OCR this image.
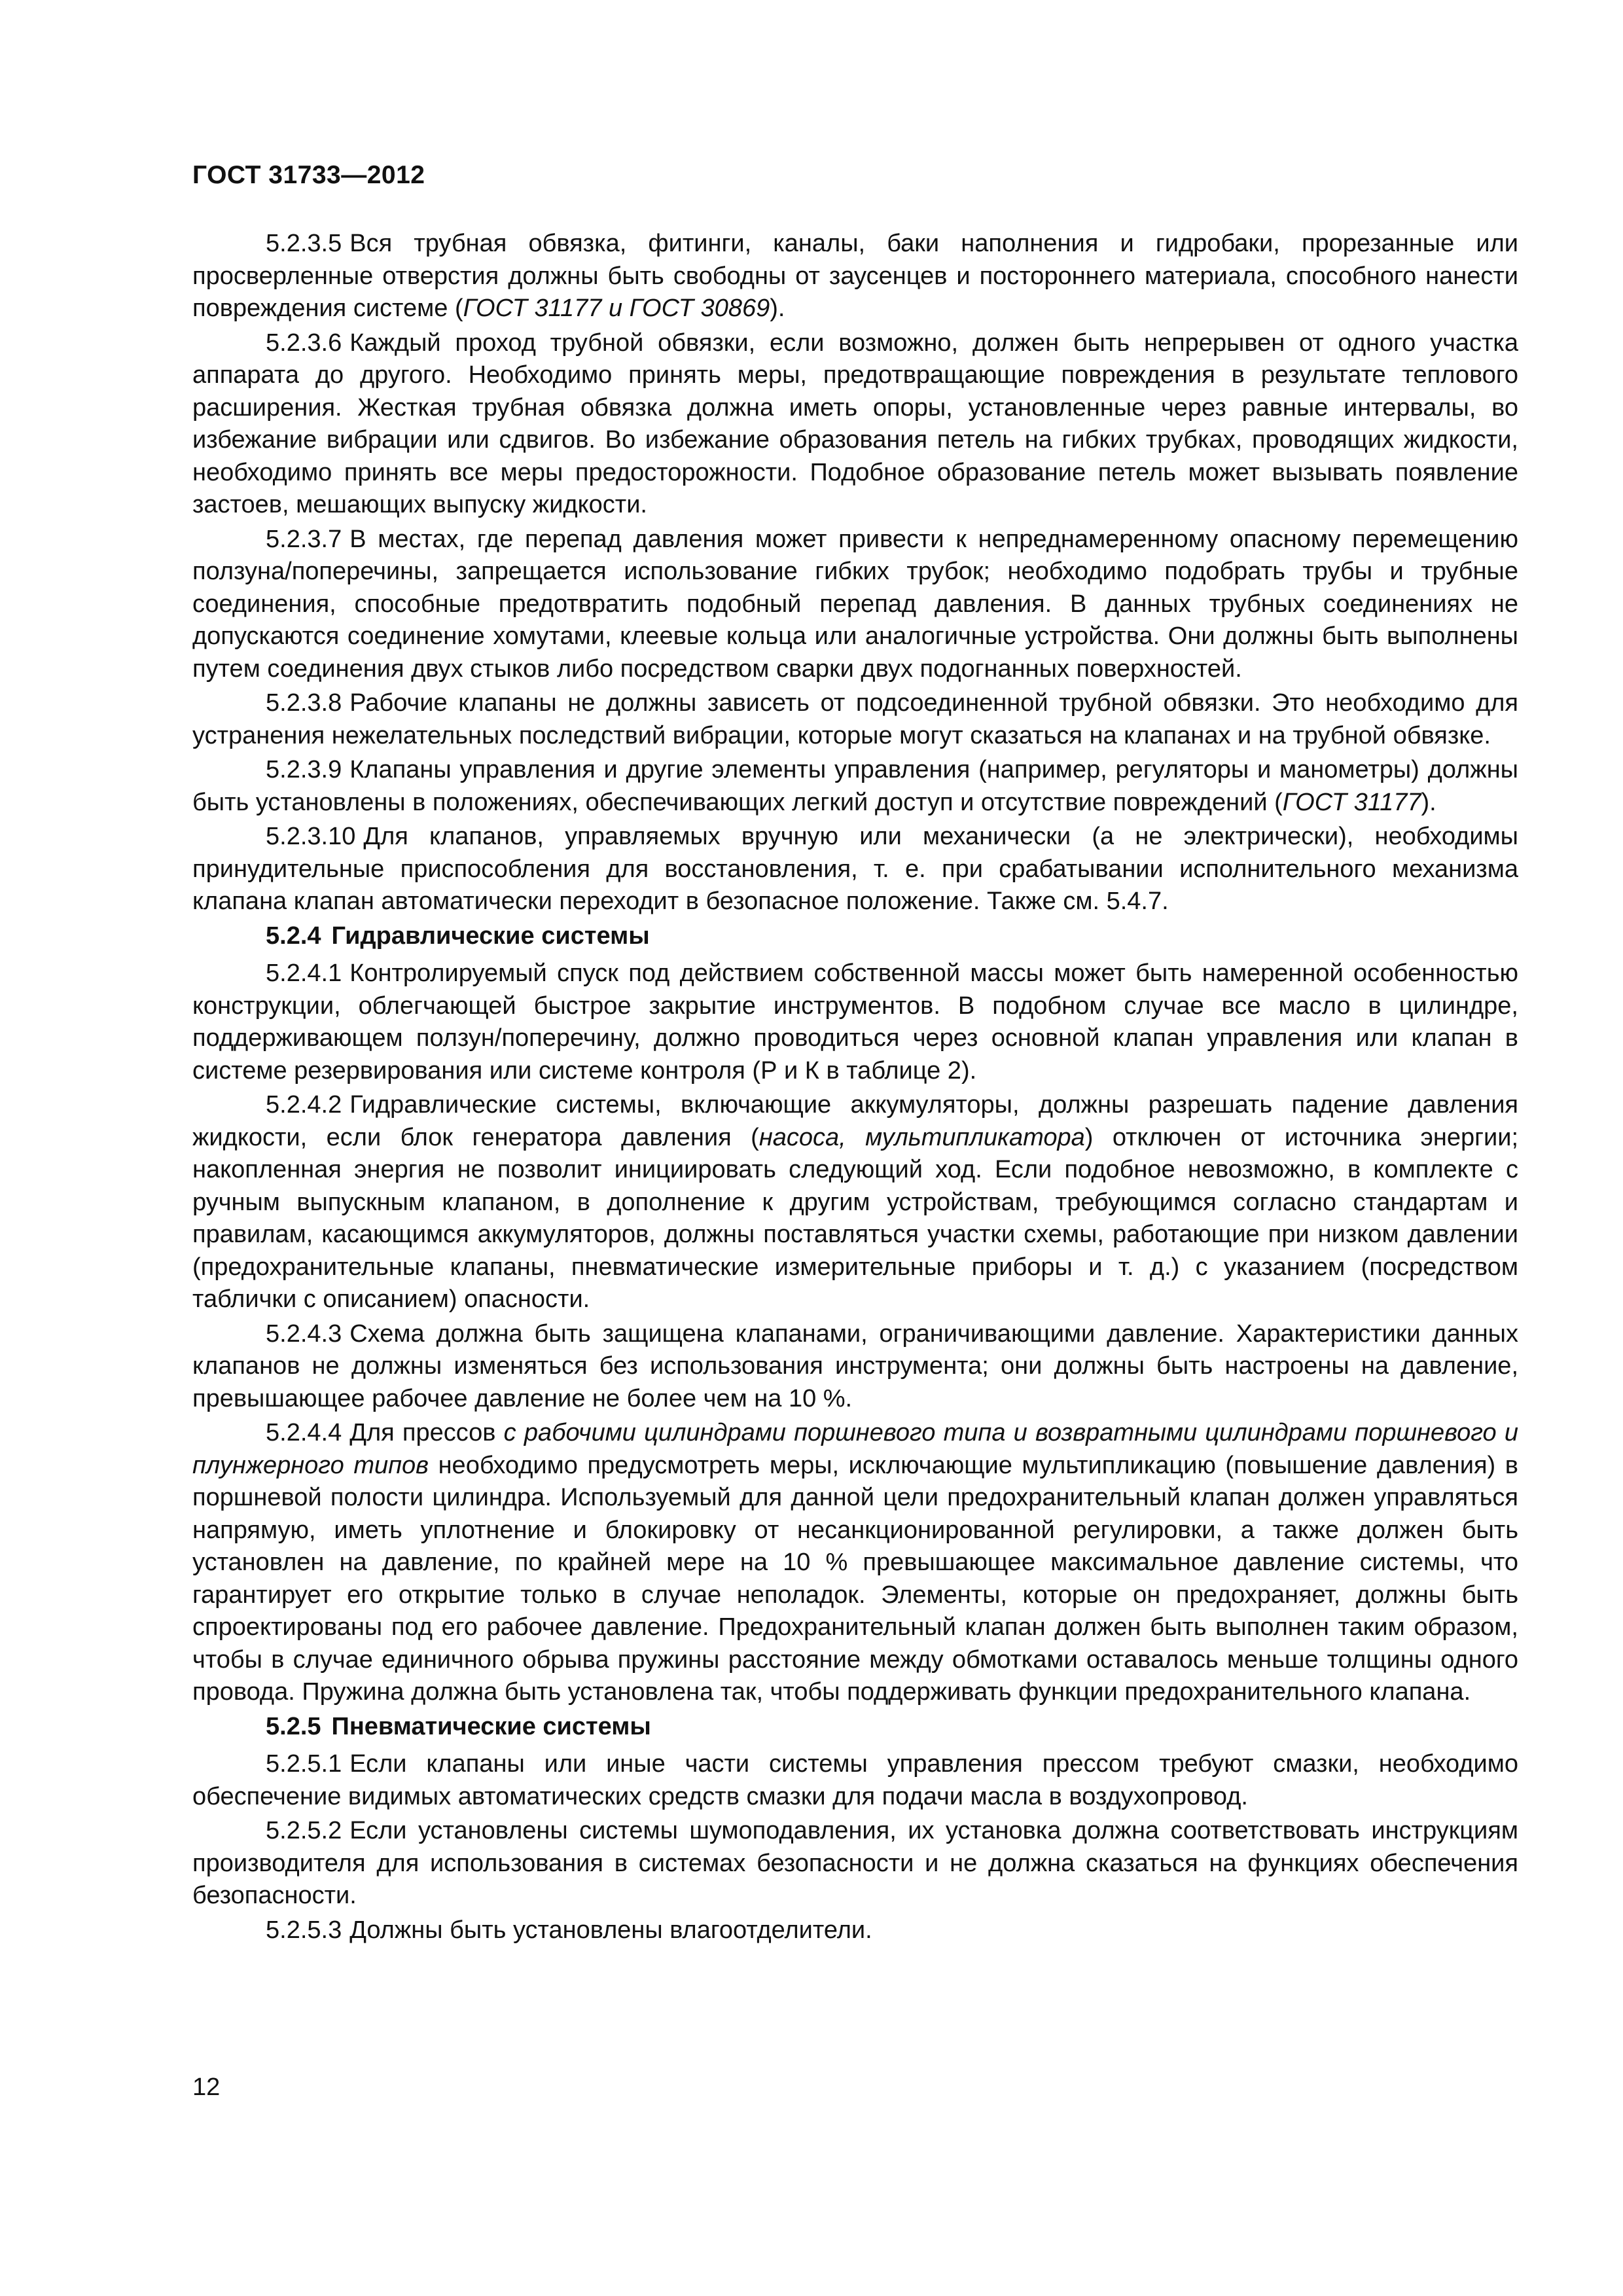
ГОСТ 31733—2012

5.2.3.5 Вся трубная обвязка, фитинги, каналы, баки наполнения и гидробаки, прорезанные или просверленные отверстия должны быть свободны от заусенцев и постороннего материала, способного нанести повреждения системе (ГОСТ 31177 и ГОСТ 30869).

5.2.3.6 Каждый проход трубной обвязки, если возможно, должен быть непрерывен от одного участка аппарата до другого. Необходимо принять меры, предотвращающие повреждения в результате теплового расширения. Жесткая трубная обвязка должна иметь опоры, установленные через равные интервалы, во избежание вибрации или сдвигов. Во избежание образования петель на гибких трубках, проводящих жидкости, необходимо принять все меры предосторожности. Подобное образование петель может вызывать появление застоев, мешающих выпуску жидкости.

5.2.3.7 В местах, где перепад давления может привести к непреднамеренному опасному перемещению ползуна/поперечины, запрещается использование гибких трубок; необходимо подобрать трубы и трубные соединения, способные предотвратить подобный перепад давления. В данных трубных соединениях не допускаются соединение хомутами, клеевые кольца или аналогичные устройства. Они должны быть выполнены путем соединения двух стыков либо посредством сварки двух подогнанных поверхностей.

5.2.3.8 Рабочие клапаны не должны зависеть от подсоединенной трубной обвязки. Это необходимо для устранения нежелательных последствий вибрации, которые могут сказаться на клапанах и на трубной обвязке.

5.2.3.9 Клапаны управления и другие элементы управления (например, регуляторы и манометры) должны быть установлены в положениях, обеспечивающих легкий доступ и отсутствие повреждений (ГОСТ 31177).

5.2.3.10 Для клапанов, управляемых вручную или механически (а не электрически), необходимы принудительные приспособления для восстановления, т. е. при срабатывании исполнительного механизма клапана клапан автоматически переходит в безопасное положение. Также см. 5.4.7.

5.2.4 Гидравлические системы

5.2.4.1 Контролируемый спуск под действием собственной массы может быть намеренной особенностью конструкции, облегчающей быстрое закрытие инструментов. В подобном случае все масло в цилиндре, поддерживающем ползун/поперечину, должно проводиться через основной клапан управления или клапан в системе резервирования или системе контроля (Р и К в таблице 2).

5.2.4.2 Гидравлические системы, включающие аккумуляторы, должны разрешать падение давления жидкости, если блок генератора давления (насоса, мультипликатора) отключен от источника энергии; накопленная энергия не позволит инициировать следующий ход. Если подобное невозможно, в комплекте с ручным выпускным клапаном, в дополнение к другим устройствам, требующимся согласно стандартам и правилам, касающимся аккумуляторов, должны поставляться участки схемы, работающие при низком давлении (предохранительные клапаны, пневматические измерительные приборы и т. д.) с указанием (посредством таблички с описанием) опасности.

5.2.4.3 Схема должна быть защищена клапанами, ограничивающими давление. Характеристики данных клапанов не должны изменяться без использования инструмента; они должны быть настроены на давление, превышающее рабочее давление не более чем на 10 %.

5.2.4.4 Для прессов с рабочими цилиндрами поршневого типа и возвратными цилиндрами поршневого и плунжерного типов необходимо предусмотреть меры, исключающие мультипликацию (повышение давления) в поршневой полости цилиндра. Используемый для данной цели предохранительный клапан должен управляться напрямую, иметь уплотнение и блокировку от несанкционированной регулировки, а также должен быть установлен на давление, по крайней мере на 10 % превышающее максимальное давление системы, что гарантирует его открытие только в случае неполадок. Элементы, которые он предохраняет, должны быть спроектированы под его рабочее давление. Предохранительный клапан должен быть выполнен таким образом, чтобы в случае единичного обрыва пружины расстояние между обмотками оставалось меньше толщины одного провода. Пружина должна быть установлена так, чтобы поддерживать функции предохранительного клапана.

5.2.5 Пневматические системы

5.2.5.1 Если клапаны или иные части системы управления прессом требуют смазки, необходимо обеспечение видимых автоматических средств смазки для подачи масла в воздухопровод.

5.2.5.2 Если установлены системы шумоподавления, их установка должна соответствовать инструкциям производителя для использования в системах безопасности и не должна сказаться на функциях обеспечения безопасности.

5.2.5.3 Должны быть установлены влагоотделители.

12
